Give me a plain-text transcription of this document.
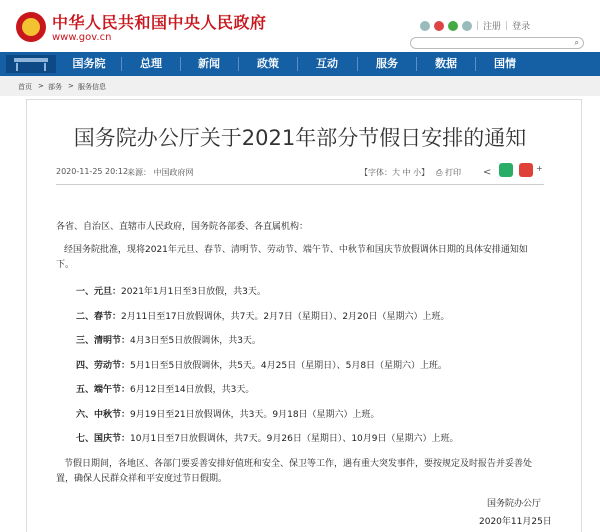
中华人民共和国中央人民政府
www.gov.cn
| 注册 | 登录
⌕
国务院	总理	新闻	政策	互动	服务	数据	国情
首页 > 部务 > 服务信息
国务院办公厅关于2021年部分节假日安排的通知
2020-11-25 20:12
来源： 中国政府网	【字体：大 中 小】 ⎙ 打印 <	+
各省、自治区、直辖市人民政府，国务院各部委、各直属机构：
经国务院批准，现将2021年元旦、春节、清明节、劳动节、端午节、中秋节和国庆节放假调休日期的具体安排通知如
下。
一、元旦：2021年1月1日至3日放假，共3天。
二、春节：2月11日至17日放假调休，共7天。2月7日（星期日）、2月20日（星期六）上班。
三、清明节：4月3日至5日放假调休，共3天。
四、劳动节：5月1日至5日放假调休，共5天。4月25日（星期日）、5月8日（星期六）上班。
五、端午节：6月12日至14日放假，共3天。
六、中秋节：9月19日至21日放假调休，共3天。9月18日（星期六）上班。
七、国庆节：10月1日至7日放假调休，共7天。9月26日（星期日）、10月9日（星期六）上班。
节假日期间，各地区、各部门要妥善安排好值班和安全、保卫等工作，遇有重大突发事件，要按规定及时报告并妥善处
置，确保人民群众祥和平安度过节日假期。
国务院办公厅
2020年11月25日
